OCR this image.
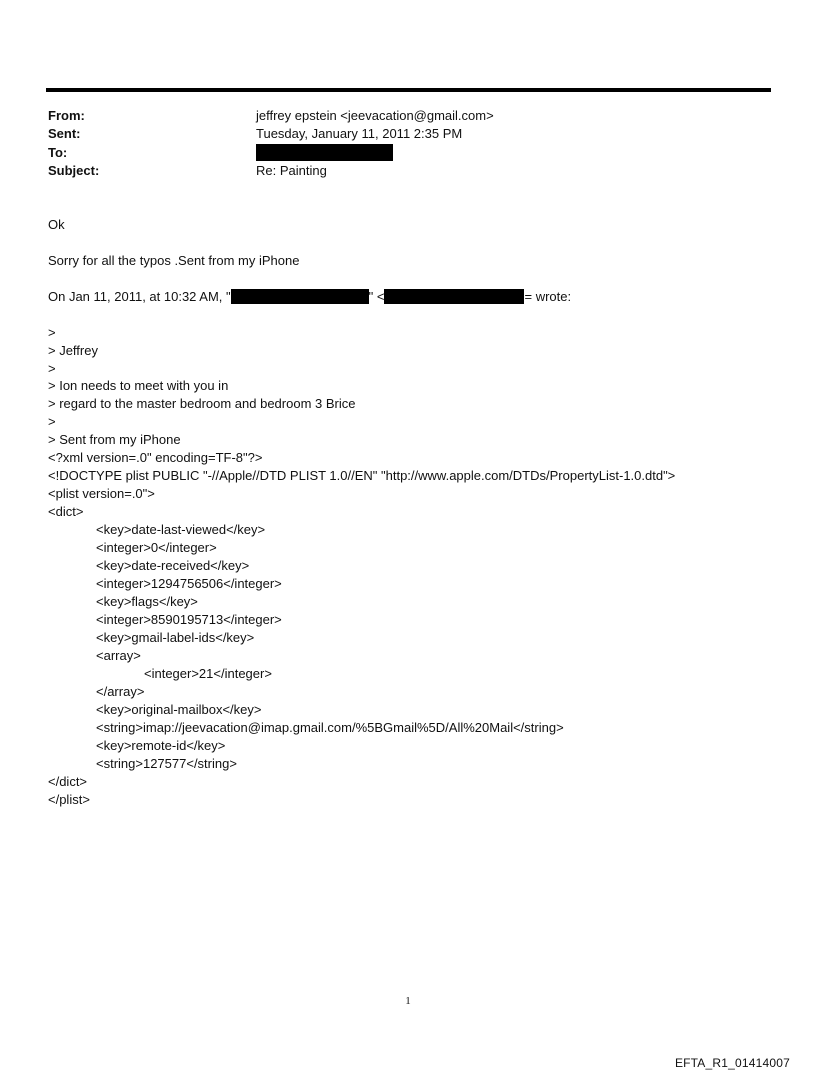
From:	jeffrey epstein <jeevacation@gmail.com>
Sent:	Tuesday, January 11, 2011 2:35 PM
To:
Subject:	Re: Painting
Ok
Sorry for all the typos .Sent from my iPhone
On Jan 11, 2011, at 10:32 AM, "	" <	= wrote:
>
> Jeffrey
>
> Ion needs to meet with you in
> regard to the master bedroom and bedroom 3 Brice
>
> Sent from my iPhone
<?xml version=.0" encoding=TF-8"?>
<!DOCTYPE plist PUBLIC "-//Apple//DTD PLIST 1.0//EN" "http://www.apple.com/DTDs/PropertyList-1.0.dtd">
<plist version=.0">
<dict>
<key>date-last-viewed</key>
<integer>0</integer>
<key>date-received</key>
<integer>1294756506</integer>
<key>flags</key>
<integer>8590195713</integer>
<key>gmail-label-ids</key>
<array>
<integer>21</integer>
</array>
<key>original-mailbox</key>
<string>imap://jeevacation@imap.gmail.com/%5BGmail%5D/All%20Mail</string>
<key>remote-id</key>
<string>127577</string>
</dict>
</plist>
1
EFTA_R1_01414007
